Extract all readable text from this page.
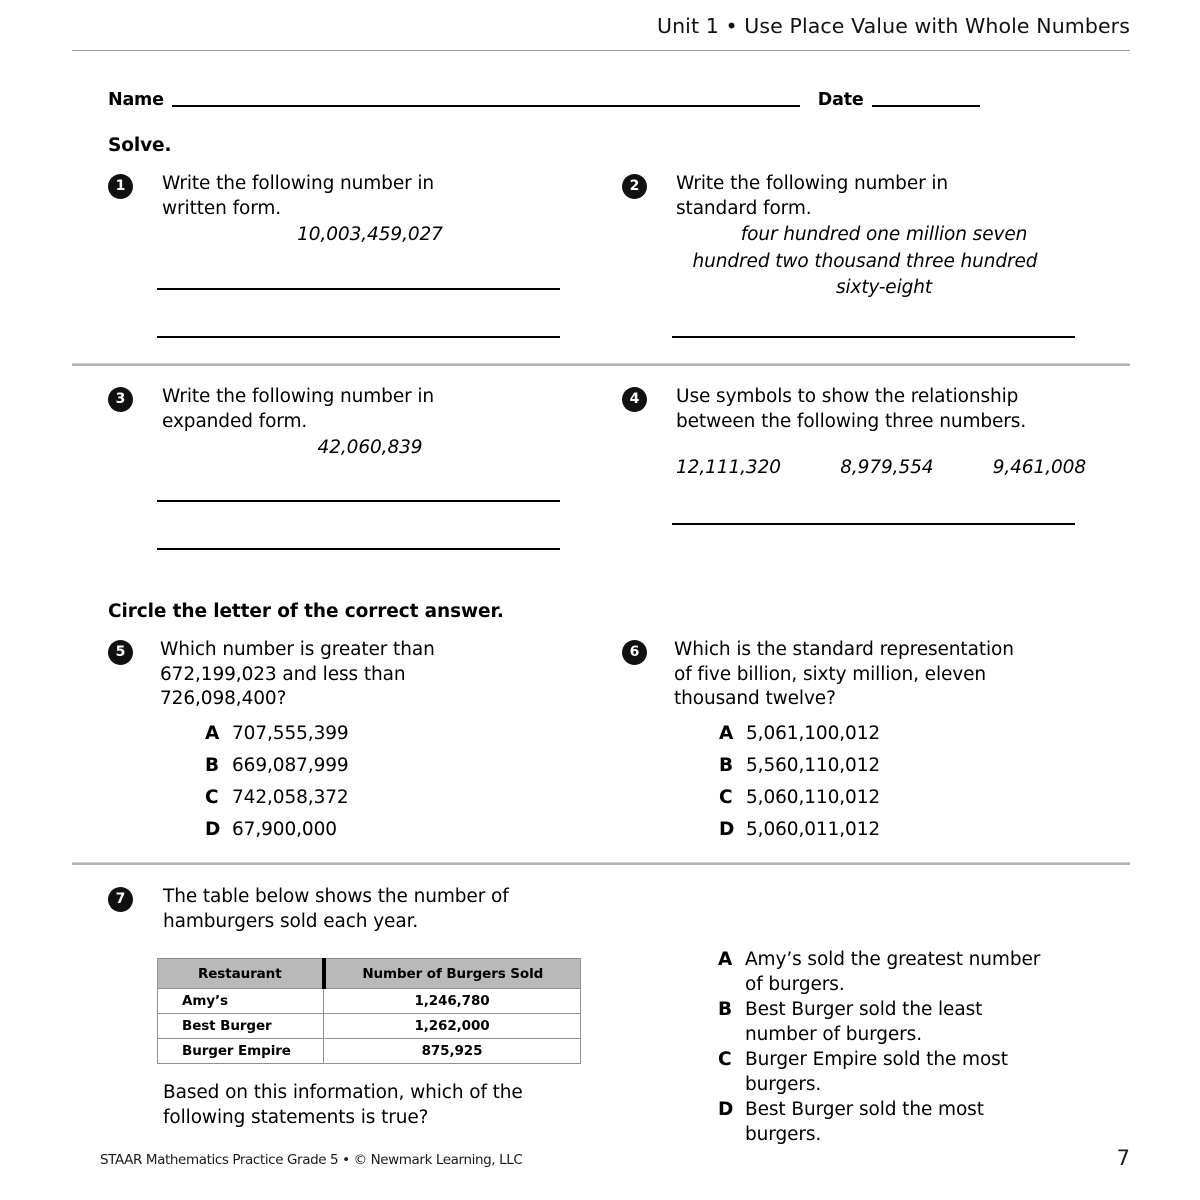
Unit 1 • Use Place Value with Whole Numbers
Name	Date
Solve.
1	Write the following number in
written form.
10,003,459,027
2	Write the following number in
standard form.
four hundred one million seven
hundred two thousand three hundred
sixty-eight
3	Write the following number in
expanded form.
42,060,839
4	Use symbols to show the relationship
between the following three numbers.
12,111,320	8,979,554	9,461,008
Circle the letter of the correct answer.
5	Which number is greater than
672,199,023 and less than
726,098,400?
A 707,555,399
B 669,087,999
C 742,058,372
D 67,900,000
6	Which is the standard representation
of five billion, sixty million, eleven
thousand twelve?
A 5,061,100,012
B 5,560,110,012
C 5,060,110,012
D 5,060,011,012
7	The table below shows the number of
hamburgers sold each year.
Restaurant	Number of Burgers Sold
Amy’s	1,246,780
Best Burger	1,262,000
Burger Empire	875,925
Based on this information, which of the
following statements is true?
A Amy’s sold the greatest number
of burgers.
B Best Burger sold the least
number of burgers.
C Burger Empire sold the most
burgers.
D Best Burger sold the most
burgers.
STAAR Mathematics Practice Grade 5 • © Newmark Learning, LLC	7
